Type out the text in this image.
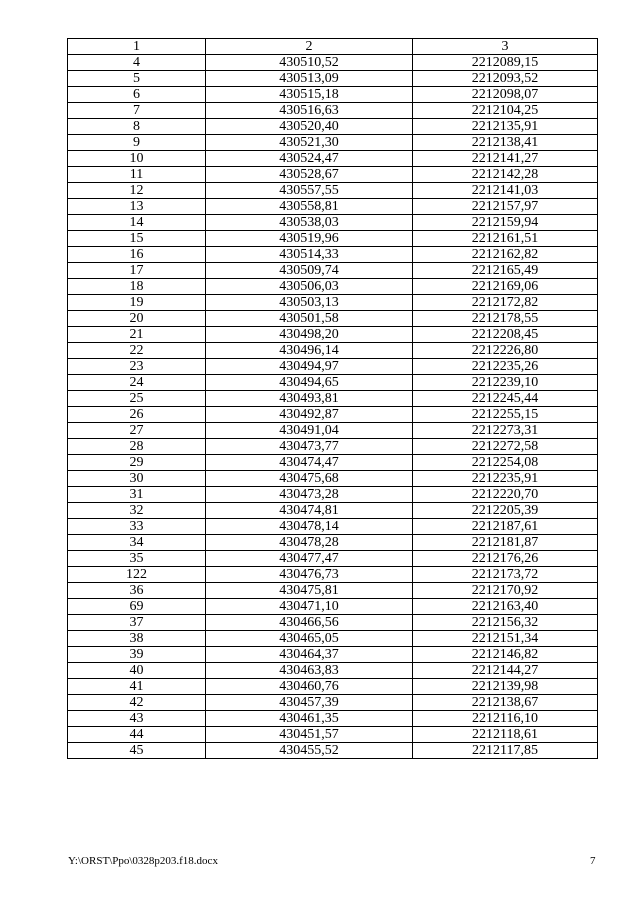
1	2	3
4	430510,52	2212089,15
5	430513,09	2212093,52
6	430515,18	2212098,07
7	430516,63	2212104,25
8	430520,40	2212135,91
9	430521,30	2212138,41
10	430524,47	2212141,27
11	430528,67	2212142,28
12	430557,55	2212141,03
13	430558,81	2212157,97
14	430538,03	2212159,94
15	430519,96	2212161,51
16	430514,33	2212162,82
17	430509,74	2212165,49
18	430506,03	2212169,06
19	430503,13	2212172,82
20	430501,58	2212178,55
21	430498,20	2212208,45
22	430496,14	2212226,80
23	430494,97	2212235,26
24	430494,65	2212239,10
25	430493,81	2212245,44
26	430492,87	2212255,15
27	430491,04	2212273,31
28	430473,77	2212272,58
29	430474,47	2212254,08
30	430475,68	2212235,91
31	430473,28	2212220,70
32	430474,81	2212205,39
33	430478,14	2212187,61
34	430478,28	2212181,87
35	430477,47	2212176,26
122	430476,73	2212173,72
36	430475,81	2212170,92
69	430471,10	2212163,40
37	430466,56	2212156,32
38	430465,05	2212151,34
39	430464,37	2212146,82
40	430463,83	2212144,27
41	430460,76	2212139,98
42	430457,39	2212138,67
43	430461,35	2212116,10
44	430451,57	2212118,61
45	430455,52	2212117,85
Y:\ORST\Ppo\0328p203.f18.docx	7
